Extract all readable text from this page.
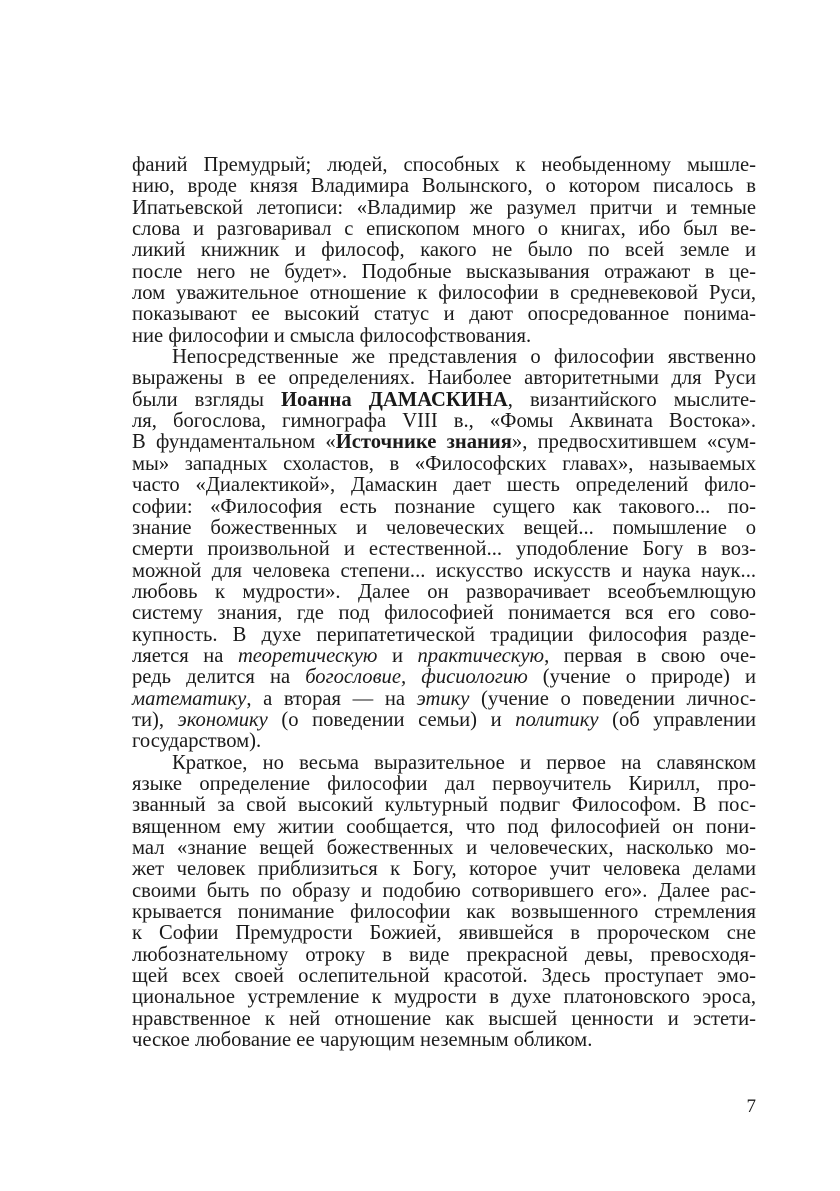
фаний Премудрый; людей, способных к необыденному мышле-
нию, вроде князя Владимира Волынского, о котором писалось в
Ипатьевской летописи: «Владимир же разумел притчи и темные
слова и разговаривал с епископом много о книгах, ибо был ве-
ликий книжник и философ, какого не было по всей земле и
после него не будет». Подобные высказывания отражают в це-
лом уважительное отношение к философии в средневековой Руси,
показывают ее высокий статус и дают опосредованное понима-
ние философии и смысла философствования.
Непосредственные же представления о философии явственно
выражены в ее определениях. Наиболее авторитетными для Руси
были взгляды Иоанна ДАМАСКИНА, византийского мыслите-
ля, богослова, гимнографа VIII в., «Фомы Аквината Востока».
В фундаментальном «Источнике знания», предвосхитившем «сум-
мы» западных схоластов, в «Философских главах», называемых
часто «Диалектикой», Дамаскин дает шесть определений фило-
софии: «Философия есть познание сущего как такового... по-
знание божественных и человеческих вещей... помышление о
смерти произвольной и естественной... уподобление Богу в воз-
можной для человека степени... искусство искусств и наука наук...
любовь к мудрости». Далее он разворачивает всеобъемлющую
систему знания, где под философией понимается вся его сово-
купность. В духе перипатетической традиции философия разде-
ляется на теоретическую и практическую, первая в свою оче-
редь делится на богословие, фисиологию (учение о природе) и
математику, а вторая — на этику (учение о поведении личнос-
ти), экономику (о поведении семьи) и политику (об управлении
государством).
Краткое, но весьма выразительное и первое на славянском
языке определение философии дал первоучитель Кирилл, про-
званный за свой высокий культурный подвиг Философом. В пос-
вященном ему житии сообщается, что под философией он пони-
мал «знание вещей божественных и человеческих, насколько мо-
жет человек приблизиться к Богу, которое учит человека делами
своими быть по образу и подобию сотворившего его». Далее рас-
крывается понимание философии как возвышенного стремления
к Софии Премудрости Божией, явившейся в пророческом сне
любознательному отроку в виде прекрасной девы, превосходя-
щей всех своей ослепительной красотой. Здесь проступает эмо-
циональное устремление к мудрости в духе платоновского эроса,
нравственное к ней отношение как высшей ценности и эстети-
ческое любование ее чарующим неземным обликом.
7
